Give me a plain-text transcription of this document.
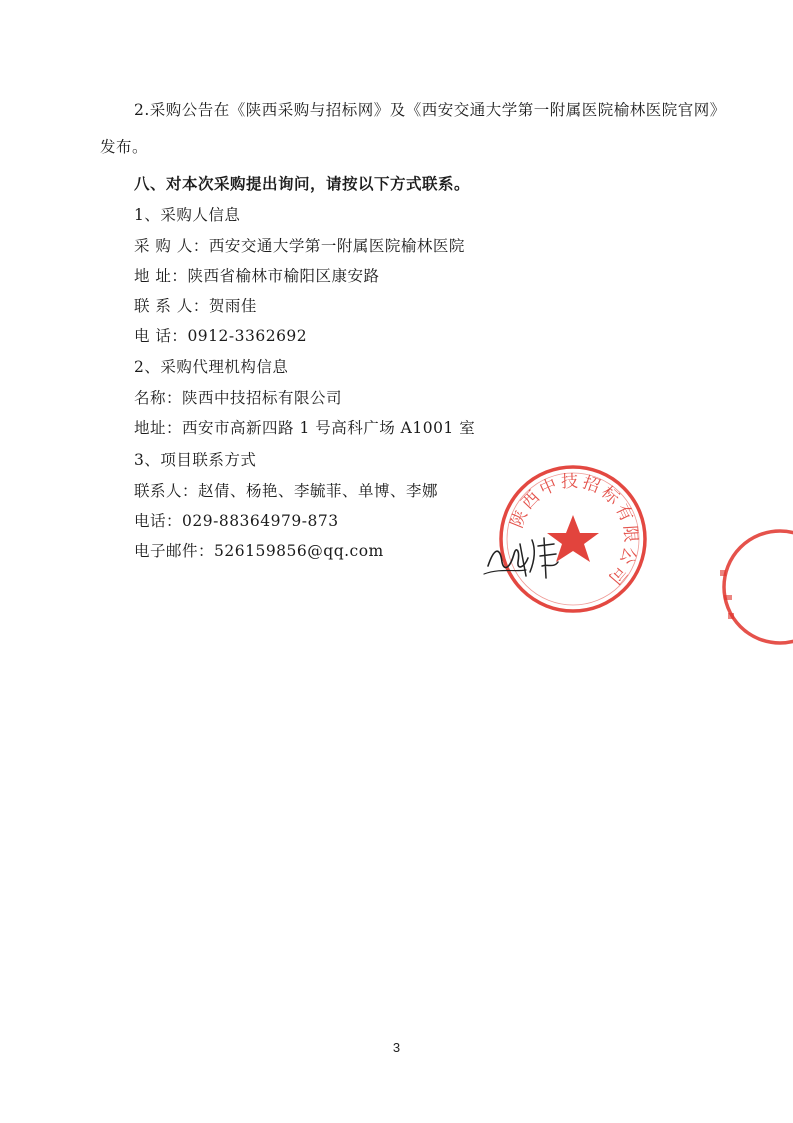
2.采购公告在《陕西采购与招标网》及《西安交通大学第一附属医院榆林医院官网》
发布。
八、对本次采购提出询问，请按以下方式联系。
1、采购人信息
采 购 人：西安交通大学第一附属医院榆林医院
地 址：陕西省榆林市榆阳区康安路
联 系 人：贺雨佳
电 话：0912-3362692
2、采购代理机构信息
名称：陕西中技招标有限公司
地址：西安市高新四路 1 号高科广场 A1001 室
3、项目联系方式
联系人：赵倩、杨艳、李毓菲、单博、李娜
电话：029-88364979-873
电子邮件：526159856@qq.com
陕西中技招标有限公司
3
